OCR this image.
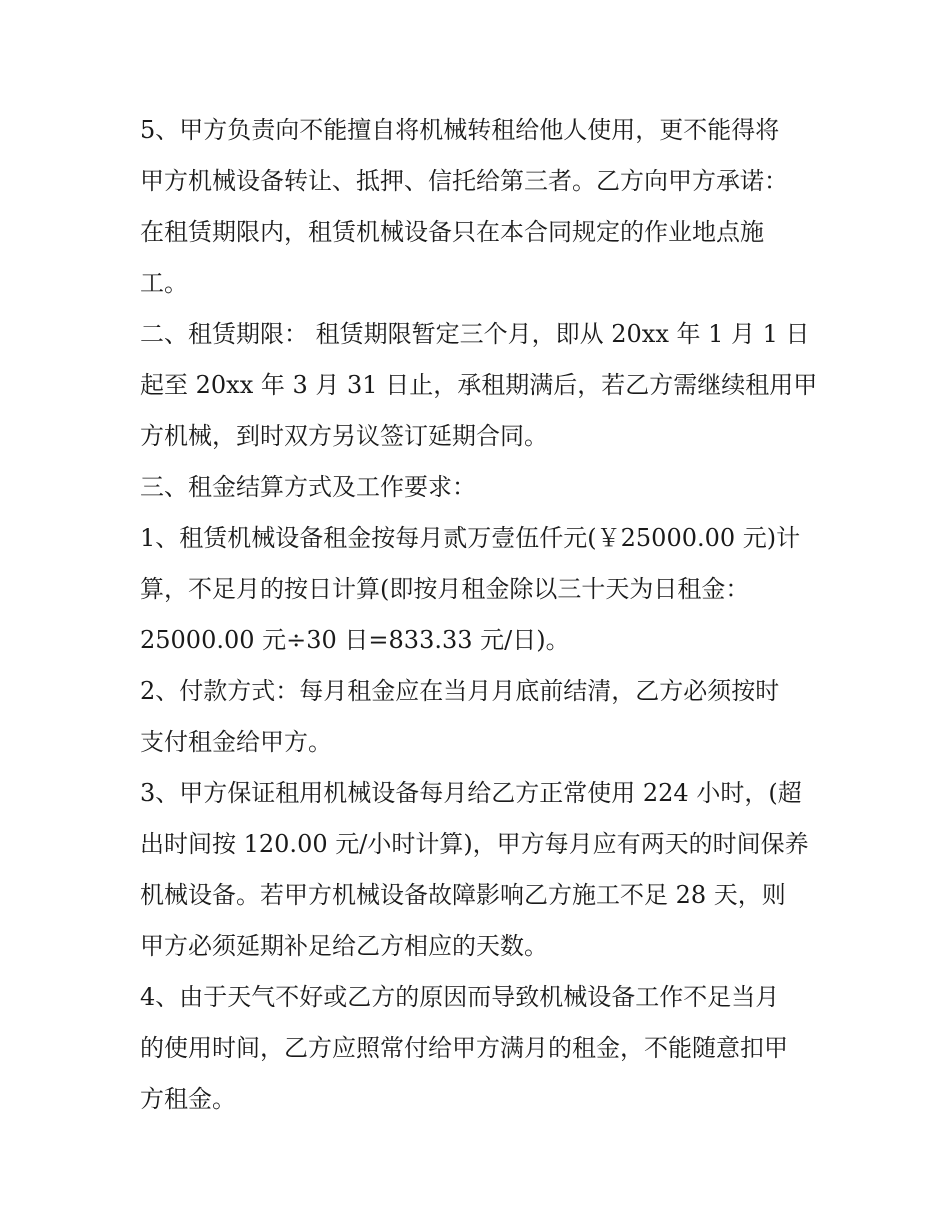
5、甲方负责向不能擅自将机械转租给他人使用，更不能得将
甲方机械设备转让、抵押、信托给第三者。乙方向甲方承诺：
在租赁期限内，租赁机械设备只在本合同规定的作业地点施
工。
二、租赁期限： 租赁期限暂定三个月，即从 20xx 年 1 月 1 日
起至 20xx 年 3 月 31 日止，承租期满后，若乙方需继续租用甲
方机械，到时双方另议签订延期合同。
三、租金结算方式及工作要求：
1、租赁机械设备租金按每月贰万壹伍仟元(￥25000.00 元)计
算，不足月的按日计算(即按月租金除以三十天为日租金：
25000.00 元÷30 日=833.33 元/日)。
2、付款方式：每月租金应在当月月底前结清，乙方必须按时
支付租金给甲方。
3、甲方保证租用机械设备每月给乙方正常使用 224 小时，(超
出时间按 120.00 元/小时计算)，甲方每月应有两天的时间保养
机械设备。若甲方机械设备故障影响乙方施工不足 28 天，则
甲方必须延期补足给乙方相应的天数。
4、由于天气不好或乙方的原因而导致机械设备工作不足当月
的使用时间，乙方应照常付给甲方满月的租金，不能随意扣甲
方租金。
